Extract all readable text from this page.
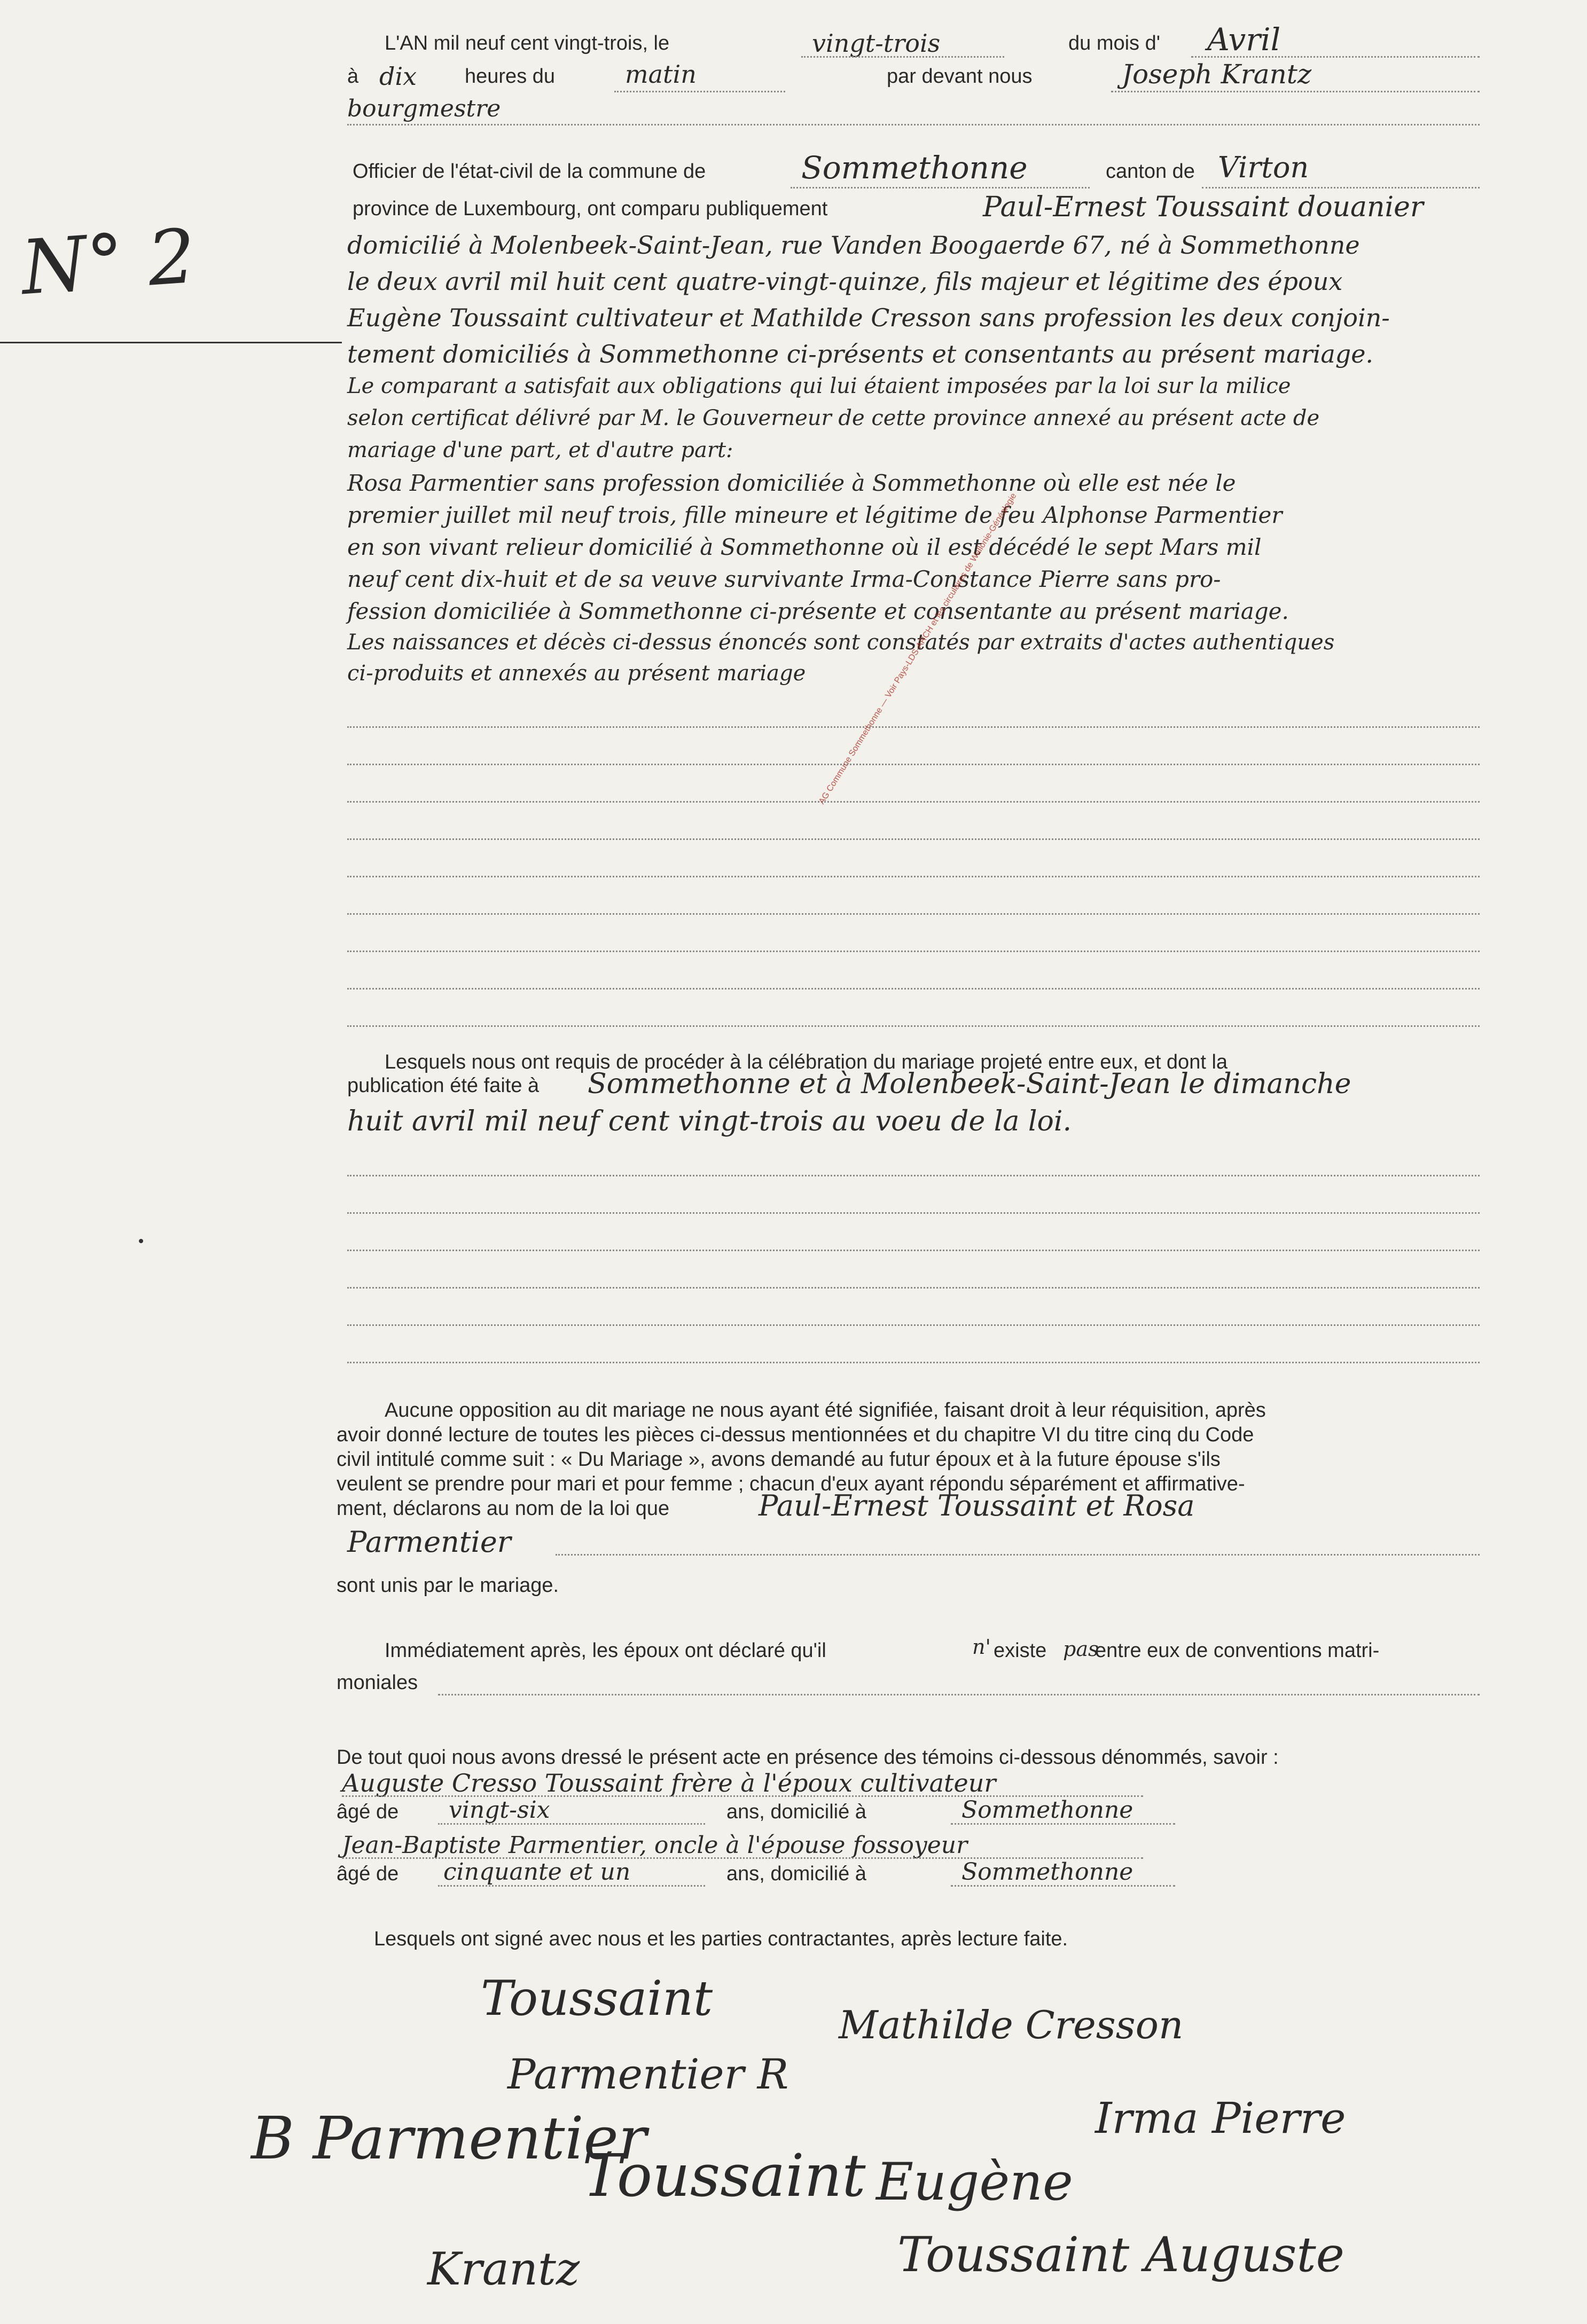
N° 2
L'AN mil neuf cent vingt-trois, le	vingt-trois	du mois d' Avril
à dix heures du	matin	par devant nous	Joseph Krantz
bourgmestre
Officier de l'état-civil de la commune de	Sommethonne	canton de Virton
province de Luxembourg, ont comparu publiquement	Paul-Ernest Toussaint douanier
domicilié à Molenbeek-Saint-Jean, rue Vanden Boogaerde 67, né à Sommethonne
le deux avril mil huit cent quatre-vingt-quinze, fils majeur et légitime des époux
Eugène Toussaint cultivateur et Mathilde Cresson sans profession les deux conjoin-
tement domiciliés à Sommethonne ci-présents et consentants au présent mariage.
Le comparant a satisfait aux obligations qui lui étaient imposées par la loi sur la milice
selon certificat délivré par M. le Gouverneur de cette province annexé au présent acte de
mariage d'une part, et d'autre part:
Rosa Parmentier sans profession domiciliée à Sommethonne où elle est née le
premier juillet mil neuf trois, fille mineure et légitime de feu Alphonse Parmentier
en son vivant relieur domicilié à Sommethonne où il est décédé le sept Mars mil
neuf cent dix-huit et de sa veuve survivante Irma-Constance Pierre sans pro-
fession domiciliée à Sommethonne ci-présente et consentante au présent mariage.
Les naissances et décès ci-dessus énoncés sont constatés par extraits d'actes authentiques
ci-produits et annexés au présent mariage AG Commune Sommethonne — Voir Pays-LDS-ARCH et les circulaires de Wallonie-Généalogie
Lesquels nous ont requis de procéder à la célébration du mariage projeté entre eux, et dont la
publication été faite à Sommethonne et à Molenbeek-Saint-Jean le dimanche
huit avril mil neuf cent vingt-trois au voeu de la loi.
Aucune opposition au dit mariage ne nous ayant été signifiée, faisant droit à leur réquisition, après
avoir donné lecture de toutes les pièces ci-dessus mentionnées et du chapitre VI du titre cinq du Code
civil intitulé comme suit : « Du Mariage », avons demandé au futur époux et à la future épouse s'ils
veulent se prendre pour mari et pour femme ; chacun d'eux ayant répondu séparément et affirmative-
ment, déclarons au nom de la loi que	Paul-Ernest Toussaint et Rosa
Parmentier
sont unis par le mariage.
Immédiatement après, les époux ont déclaré qu'il	n' existe pas
entre eux de conventions matri-
moniales
De tout quoi nous avons dressé le présent acte en présence des témoins ci-dessous dénommés, savoir :
Auguste Cresso Toussaint frère à l'époux cultivateur
âgé de vingt-six	ans, domicilié à	Sommethonne
Jean-Baptiste Parmentier, oncle à l'épouse fossoyeur
âgé de cinquante et un	ans, domicilié à	Sommethonne
Lesquels ont signé avec nous et les parties contractantes, après lecture faite.
Toussaint	Mathilde Cresson
Parmentier R
Irma Pierre
B Parmentier
Toussaint Eugène
Krantz	Toussaint Auguste
